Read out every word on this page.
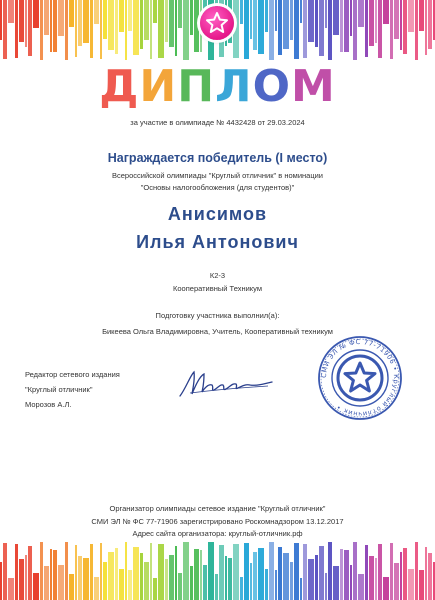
ДИПЛОМ
за участие в олимпиаде № 4432428 от 29.03.2024
Награждается победитель (I место)
Всероссийской олимпиады "Круглый отличник" в номинации
"Основы налогообложения (для студентов)"
Анисимов
Илья Антонович
К2-3
Кооперативный Техникум
Подготовку участника выполнил(а):
Бикеева Ольга Владимировна, Учитель, Кооперативный техникум
Редактор сетевого издания
"Круглый отличник"
Морозов А.Л.
СМИ ЭЛ № ФС 77-71906 • Круглый отличник •
Организатор олимпиады сетевое издание "Круглый отличник"
СМИ ЭЛ № ФС 77-71906 зарегистрировано Роскомнадзором 13.12.2017
Адрес сайта организатора: круглый-отличник.рф
